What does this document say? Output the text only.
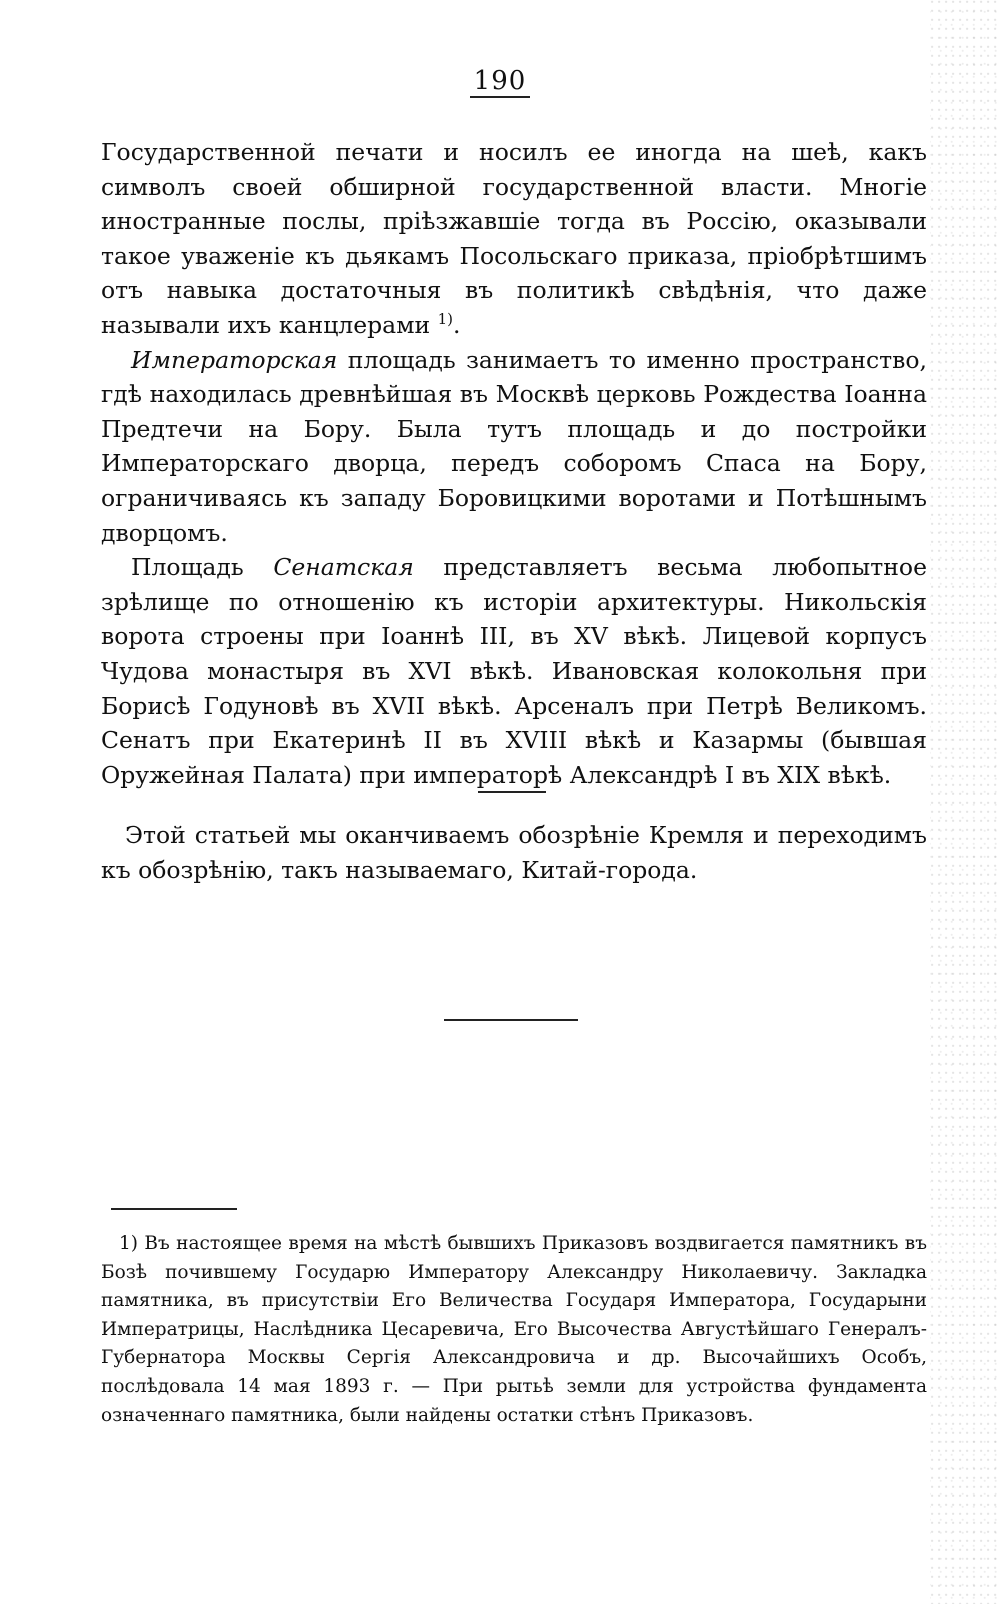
190

Государственной печати и носилъ ее иногда на шеѣ, какъ символъ своей обширной государственной власти. Многіе иностранные послы, пріѣзжавшіе тогда въ Россію, оказывали такое уваженіе къ дьякамъ Посольскаго приказа, пріобрѣтшимъ отъ навыка достаточныя въ политикѣ свѣдѣнія, что даже называли ихъ канцлерами $^{1)}$.

Императорская площадь занимаетъ то именно пространство, гдѣ находилась древнѣйшая въ Москвѣ церковь Рождества Іоанна Предтечи на Бору. Была тутъ площадь и до постройки Императорскаго дворца, передъ соборомъ Спаса на Бору, ограничиваясь къ западу Боровицкими воротами и Потѣшнымъ дворцомъ.

Площадь Сенатская представляетъ весьма любопытное зрѣлище по отношенію къ исторіи архитектуры. Никольскія ворота строены при Іоаннѣ III, въ XV вѣкѣ. Лицевой корпусъ Чудова монастыря въ XVI вѣкѣ. Ивановская колокольня при Борисѣ Годуновѣ въ XVII вѣкѣ. Арсеналъ при Петрѣ Великомъ. Сенатъ при Екатеринѣ II въ XVIII вѣкѣ и Казармы (бывшая Оружейная Палата) при императорѣ Александрѣ I въ XIX вѣкѣ.

Этой статьей мы оканчиваемъ обозрѣніе Кремля и переходимъ къ обозрѣнію, такъ называемаго, Китай-города.

1) Въ настоящее время на мѣстѣ бывшихъ Приказовъ воздвигается памятникъ въ Бозѣ почившему Государю Императору Александру Николаевичу. Закладка памятника, въ присутствіи Его Величества Государя Императора, Государыни Императрицы, Наслѣдника Цесаревича, Его Высочества Августѣйшаго Генералъ-Губернатора Москвы Сергія Александровича и др. Высочайшихъ Особъ, послѣдовала 14 мая 1893 г. — При рытьѣ земли для устройства фундамента означеннаго памятника, были найдены остатки стѣнъ Приказовъ.
